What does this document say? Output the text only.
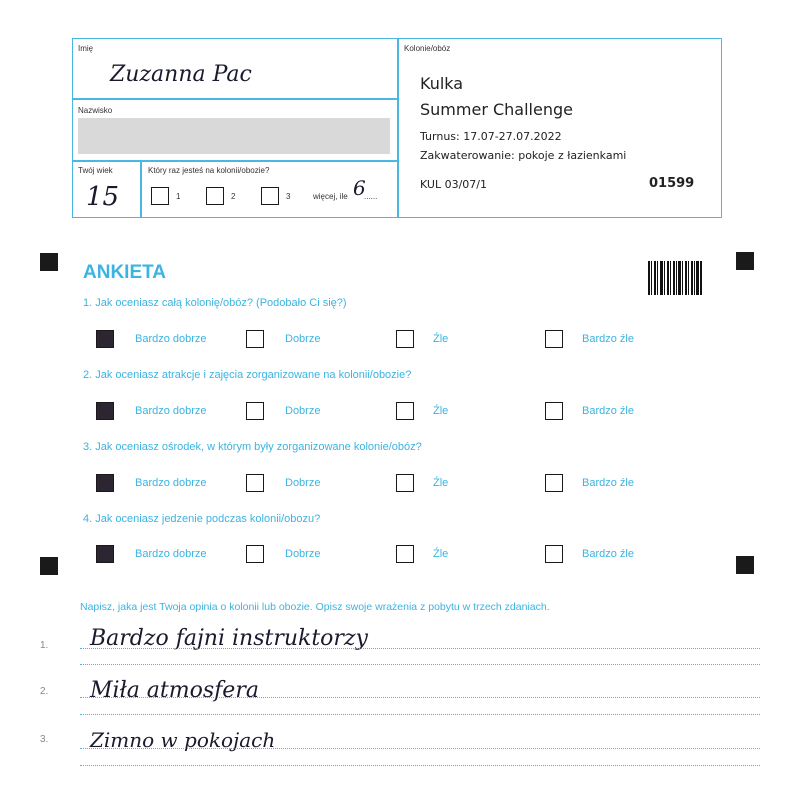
Imię
Zuzanna Pac
Nazwisko
Twój wiek
15
Który raz jesteś na kolonii/obozie?
1	2	3	więcej, ile 6
......
Kolonie/obóz
Kulka
Summer Challenge
Turnus: 17.07-27.07.2022
Zakwaterowanie: pokoje z łazienkami
KUL 03/07/1	01599
ANKIETA
1. Jak oceniasz całą kolonię/obóz? (Podobało Ci się?)
Bardzo dobrze	Dobrze	Źle	Bardzo źle
2. Jak oceniasz atrakcje i zajęcia zorganizowane na kolonii/obozie?
Bardzo dobrze	Dobrze	Źle	Bardzo źle
3. Jak oceniasz ośrodek, w którym były zorganizowane kolonie/obóz?
Bardzo dobrze	Dobrze	Źle	Bardzo źle
4. Jak oceniasz jedzenie podczas kolonii/obozu?
Bardzo dobrze	Dobrze	Źle	Bardzo źle
Napisz, jaka jest Twoja opinia o kolonii lub obozie. Opisz swoje wrażenia z pobytu w trzech zdaniach.
1. Bardzo fajni instruktorzy
2. Miła atmosfera
3. Zimno w pokojach
